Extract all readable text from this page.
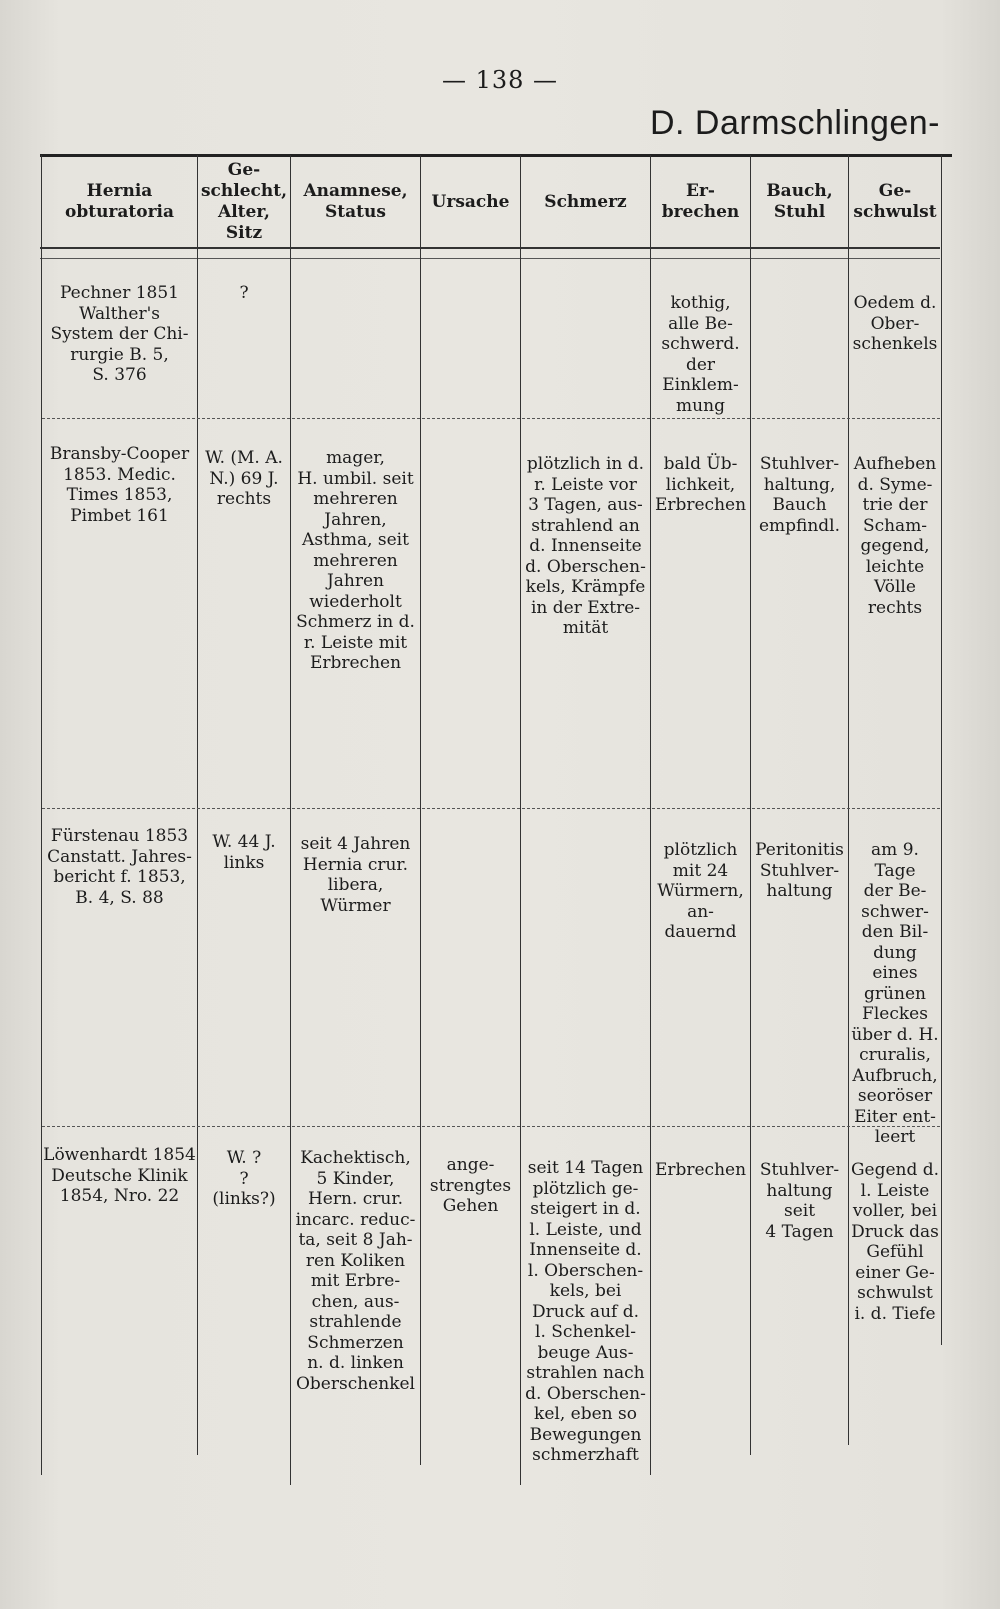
— 138 —
D. Darmschlingen-
Hernia
obturatoria
Ge-
schlecht,
Alter,
Sitz
Anamnese,
Status
Ursache	Schmerz
Er-
brechen
Bauch,
Stuhl
Ge-
schwulst
Pechner 1851
Walther's
System der Chi-
rurgie B. 5,
S. 376
?	kothig,
alle Be-
schwerd.
der
Einklem-
mung
Oedem d.
Ober-
schenkels
Bransby-Cooper
1853. Medic.
Times 1853,
Pimbet 161
W. (M. A.
N.) 69 J.
rechts
mager,
H. umbil. seit
mehreren
Jahren,
Asthma, seit
mehreren
Jahren
wiederholt
Schmerz in d.
r. Leiste mit
Erbrechen
plötzlich in d.
r. Leiste vor
3 Tagen, aus-
strahlend an
d. Innenseite
d. Oberschen-
kels, Krämpfe
in der Extre-
mität
bald Üb-
lichkeit,
Erbrechen
Stuhlver-
haltung,
Bauch
empfindl.
Aufheben
d. Syme-
trie der
Scham-
gegend,
leichte
Völle
rechts
Fürstenau 1853
Canstatt. Jahres-
bericht f. 1853,
B. 4, S. 88
W. 44 J.
links
seit 4 Jahren
Hernia crur.
libera,
Würmer
plötzlich
mit 24
Würmern,
an-
dauernd
Peritonitis
Stuhlver-
haltung
am 9. Tage
der Be-
schwer-
den Bil-
dung eines
grünen
Fleckes
über d. H.
cruralis,
Aufbruch,
seoröser
Eiter ent-
leert
Löwenhardt 1854
Deutsche Klinik
1854, Nro. 22
W. ?
?
(links?)
Kachektisch,
5 Kinder,
Hern. crur.
incarc. reduc-
ta, seit 8 Jah-
ren Koliken
mit Erbre-
chen, aus-
strahlende
Schmerzen
n. d. linken
Oberschenkel
ange-
strengtes
Gehen
seit 14 Tagen
plötzlich ge-
steigert in d.
l. Leiste, und
Innenseite d.
l. Oberschen-
kels, bei
Druck auf d.
l. Schenkel-
beuge Aus-
strahlen nach
d. Oberschen-
kel, eben so
Bewegungen
schmerzhaft
Erbrechen Stuhlver-
haltung
seit
4 Tagen
Gegend d.
l. Leiste
voller, bei
Druck das
Gefühl
einer Ge-
schwulst
i. d. Tiefe
